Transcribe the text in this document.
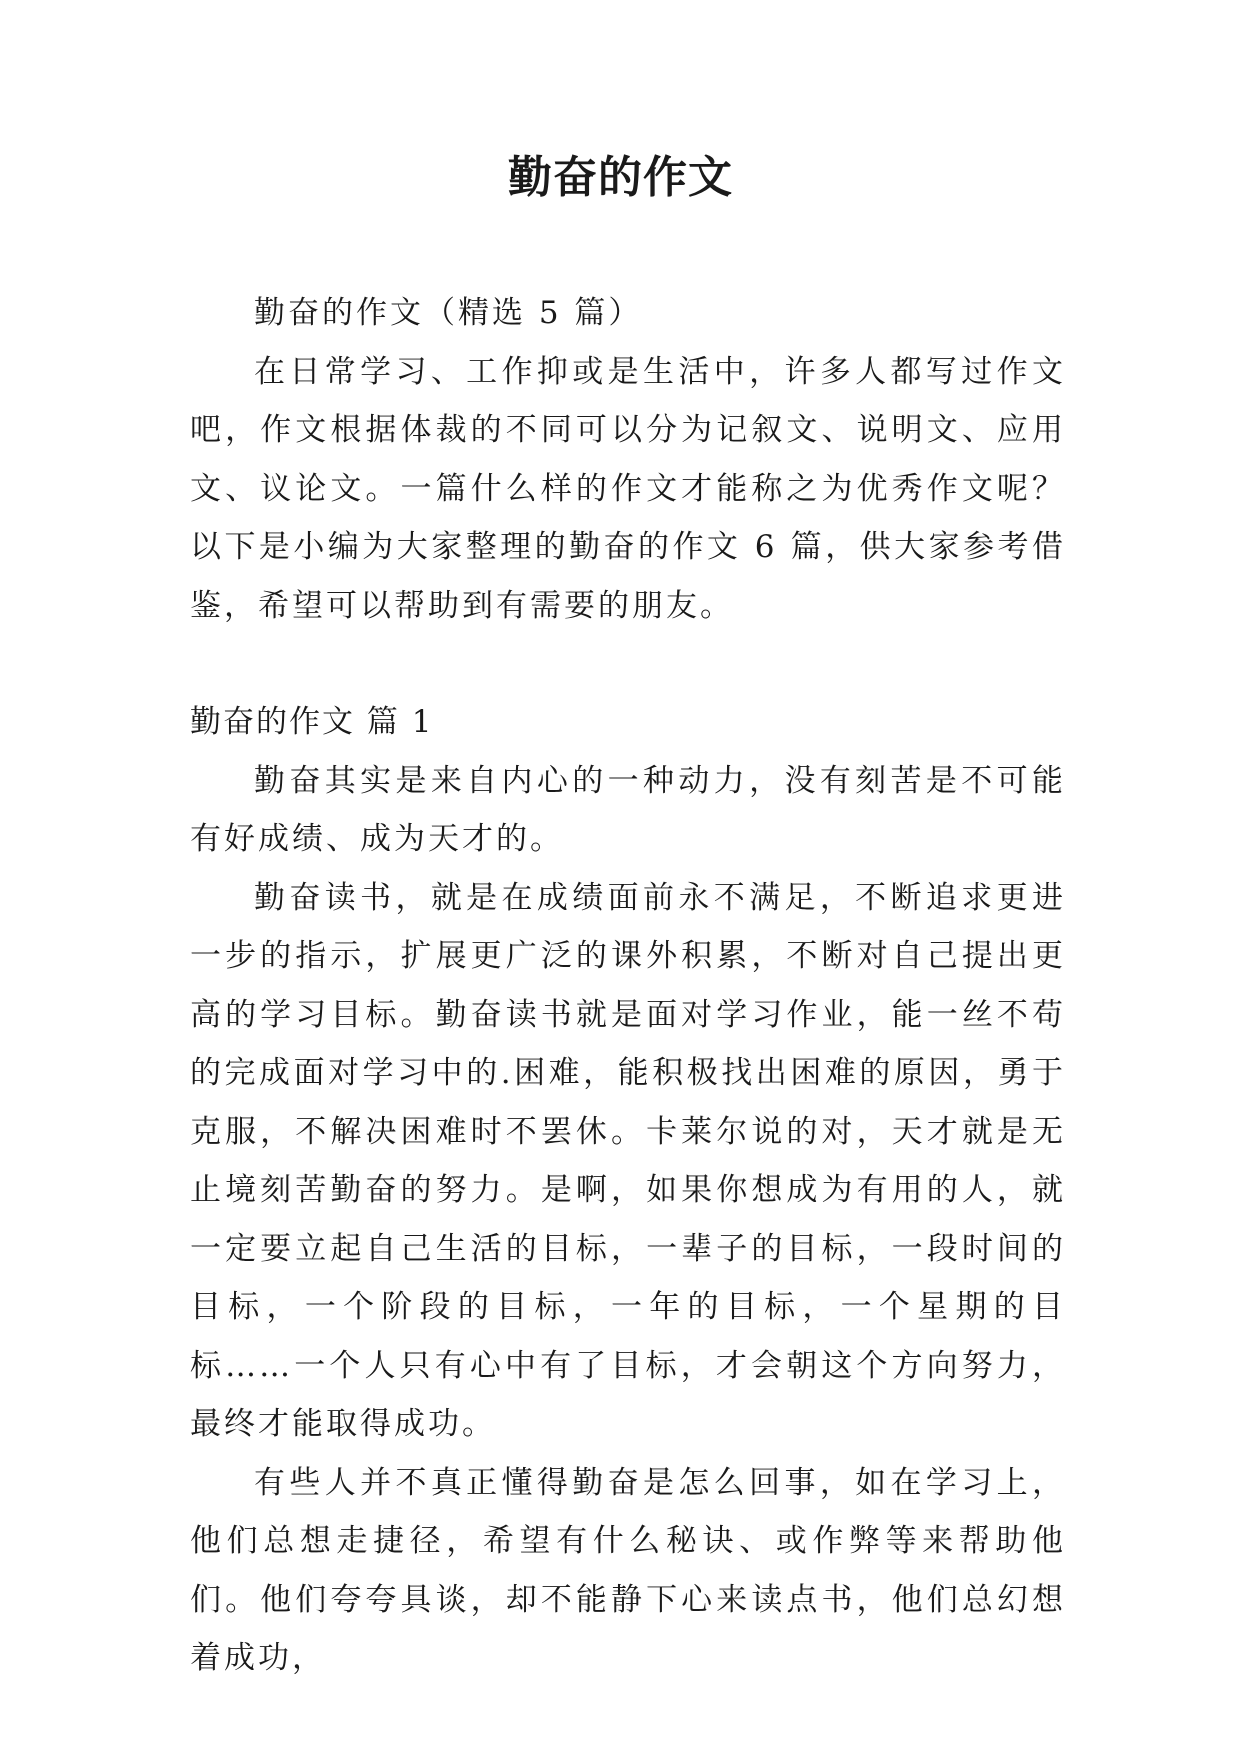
勤奋的作文

勤奋的作文（精选 5 篇）

在日常学习、工作抑或是生活中，许多人都写过作文吧，作文根据体裁的不同可以分为记叙文、说明文、应用文、议论文。一篇什么样的作文才能称之为优秀作文呢？以下是小编为大家整理的勤奋的作文 6 篇，供大家参考借鉴，希望可以帮助到有需要的朋友。

勤奋的作文 篇 1

勤奋其实是来自内心的一种动力，没有刻苦是不可能有好成绩、成为天才的。

勤奋读书，就是在成绩面前永不满足，不断追求更进一步的指示，扩展更广泛的课外积累，不断对自己提出更高的学习目标。勤奋读书就是面对学习作业，能一丝不苟的完成面对学习中的.困难，能积极找出困难的原因，勇于克服，不解决困难时不罢休。卡莱尔说的对，天才就是无止境刻苦勤奋的努力。是啊，如果你想成为有用的人，就一定要立起自己生活的目标，一辈子的目标，一段时间的目标，一个阶段的目标，一年的目标，一个星期的目标……一个人只有心中有了目标，才会朝这个方向努力，最终才能取得成功。

有些人并不真正懂得勤奋是怎么回事，如在学习上，他们总想走捷径，希望有什么秘诀、或作弊等来帮助他们。他们夸夸具谈，却不能静下心来读点书，他们总幻想着成功，
